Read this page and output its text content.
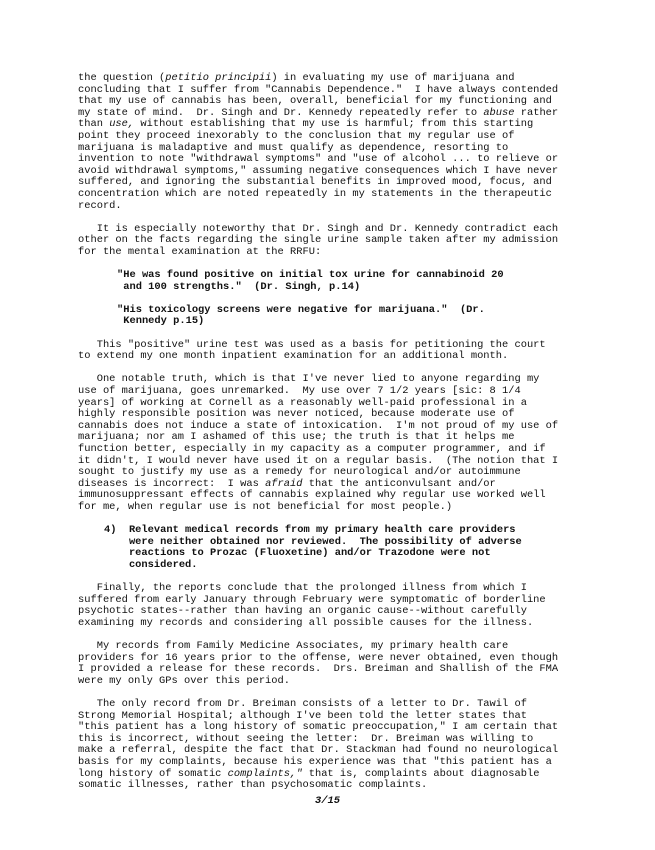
the question (petitio principii) in evaluating my use of marijuana and
concluding that I suffer from "Cannabis Dependence."  I have always contended
that my use of cannabis has been, overall, beneficial for my functioning and
my state of mind.  Dr. Singh and Dr. Kennedy repeatedly refer to abuse rather
than use, without establishing that my use is harmful; from this starting
point they proceed inexorably to the conclusion that my regular use of
marijuana is maladaptive and must qualify as dependence, resorting to
invention to note "withdrawal symptoms" and "use of alcohol ... to relieve or
avoid withdrawal symptoms," assuming negative consequences which I have never
suffered, and ignoring the substantial benefits in improved mood, focus, and
concentration which are noted repeatedly in my statements in the therapeutic
record.
It is especially noteworthy that Dr. Singh and Dr. Kennedy contradict each
other on the facts regarding the single urine sample taken after my admission
for the mental examination at the RRFU:
"He was found positive on initial tox urine for cannabinoid 20
and 100 strengths."  (Dr. Singh, p.14)
"His toxicology screens were negative for marijuana."  (Dr.
Kennedy p.15)
This "positive" urine test was used as a basis for petitioning the court
to extend my one month inpatient examination for an additional month.
One notable truth, which is that I've never lied to anyone regarding my
use of marijuana, goes unremarked.  My use over 7 1/2 years [sic: 8 1/4
years] of working at Cornell as a reasonably well-paid professional in a
highly responsible position was never noticed, because moderate use of
cannabis does not induce a state of intoxication.  I'm not proud of my use of
marijuana; nor am I ashamed of this use; the truth is that it helps me
function better, especially in my capacity as a computer programmer, and if
it didn't, I would never have used it on a regular basis.  (The notion that I
sought to justify my use as a remedy for neurological and/or autoimmune
diseases is incorrect:  I was afraid that the anticonvulsant and/or
immunosuppressant effects of cannabis explained why regular use worked well
for me, when regular use is not beneficial for most people.)
4)  Relevant medical records from my primary health care providers
were neither obtained nor reviewed.  The possibility of adverse
reactions to Prozac (Fluoxetine) and/or Trazodone were not
considered.
Finally, the reports conclude that the prolonged illness from which I
suffered from early January through February were symptomatic of borderline
psychotic states--rather than having an organic cause--without carefully
examining my records and considering all possible causes for the illness.
My records from Family Medicine Associates, my primary health care
providers for 16 years prior to the offense, were never obtained, even though
I provided a release for these records.  Drs. Breiman and Shallish of the FMA
were my only GPs over this period.
The only record from Dr. Breiman consists of a letter to Dr. Tawil of
Strong Memorial Hospital; although I've been told the letter states that
"this patient has a long history of somatic preoccupation," I am certain that
this is incorrect, without seeing the letter:  Dr. Breiman was willing to
make a referral, despite the fact that Dr. Stackman had found no neurological
basis for my complaints, because his experience was that "this patient has a
long history of somatic complaints," that is, complaints about diagnosable
somatic illnesses, rather than psychosomatic complaints.
3/15
